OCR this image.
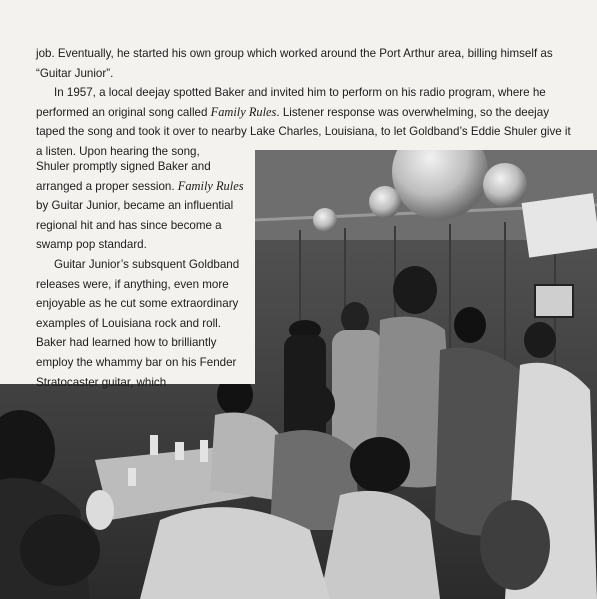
job. Eventually, he started his own group which worked around the Port Arthur area, billing himself as “Guitar Junior”.

In 1957, a local deejay spotted Baker and invited him to perform on his radio program, where he performed an original song called Family Rules. Listener response was overwhelming, so the deejay taped the song and took it over to nearby Lake Charles, Louisiana, to let Goldband’s Eddie Shuler give it a listen. Upon hearing the song,

Shuler promptly signed Baker and arranged a proper session. Family Rules by Guitar Junior, became an influential regional hit and has since become a swamp pop standard.

Guitar Junior’s subsquent Goldband releases were, if anything, even more enjoyable as he cut some extraordinary examples of Louisiana rock and roll. Baker had learned how to brilliantly employ the whammy bar on his Fender Stratocaster guitar, which
